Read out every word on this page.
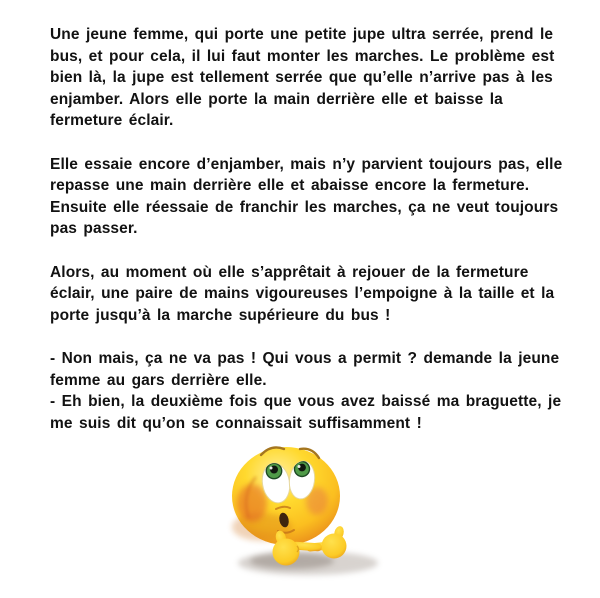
Une jeune femme, qui porte une petite jupe ultra serrée, prend le
bus, et pour cela, il lui faut monter les marches. Le problème est
bien là, la jupe est tellement serrée que qu’elle n’arrive pas à les
enjamber. Alors elle porte la main derrière elle et baisse la
fermeture éclair.

Elle essaie encore d’enjamber, mais n’y parvient toujours pas, elle
repasse une main derrière elle et abaisse encore la fermeture.
Ensuite elle réessaie de franchir les marches, ça ne veut toujours
pas passer.

Alors, au moment où elle s’apprêtait à rejouer de la fermeture
éclair, une paire de mains vigoureuses l’empoigne à la taille et la
porte jusqu’à la marche supérieure du bus !

- Non mais, ça ne va pas ! Qui vous a permit ? demande la jeune
femme au gars derrière elle.
- Eh bien, la deuxième fois que vous avez baissé ma braguette, je
me suis dit qu’on se connaissait suffisamment !
